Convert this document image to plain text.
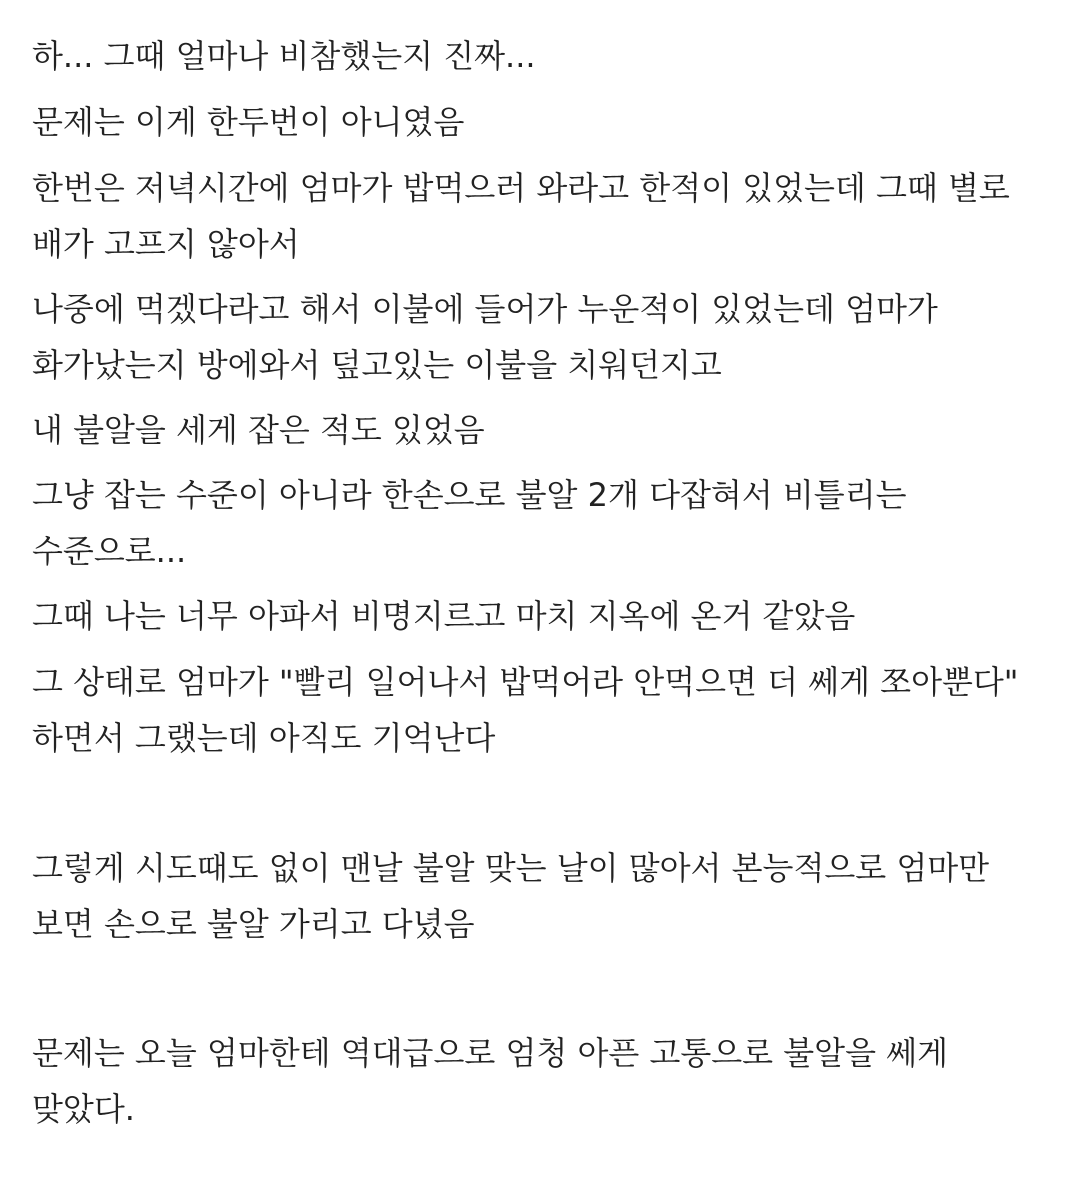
하... 그때 얼마나 비참했는지 진짜...

문제는 이게 한두번이 아니였음

한번은 저녁시간에 엄마가 밥먹으러 와라고 한적이 있었는데 그때 별로 배가 고프지 않아서

나중에 먹겠다라고 해서 이불에 들어가 누운적이 있었는데 엄마가 화가났는지 방에와서 덮고있는 이불을 치워던지고

내 불알을 세게 잡은 적도 있었음

그냥 잡는 수준이 아니라 한손으로 불알 2개 다잡혀서 비틀리는 수준으로...

그때 나는 너무 아파서 비명지르고 마치 지옥에 온거 같았음

그 상태로 엄마가 "빨리 일어나서 밥먹어라 안먹으면 더 쎄게 쪼아뿐다" 하면서 그랬는데 아직도 기억난다

그렇게 시도때도 없이 맨날 불알 맞는 날이 많아서 본능적으로 엄마만 보면 손으로 불알 가리고 다녔음

문제는 오늘 엄마한테 역대급으로 엄청 아픈 고통으로 불알을 쎄게 맞았다.
